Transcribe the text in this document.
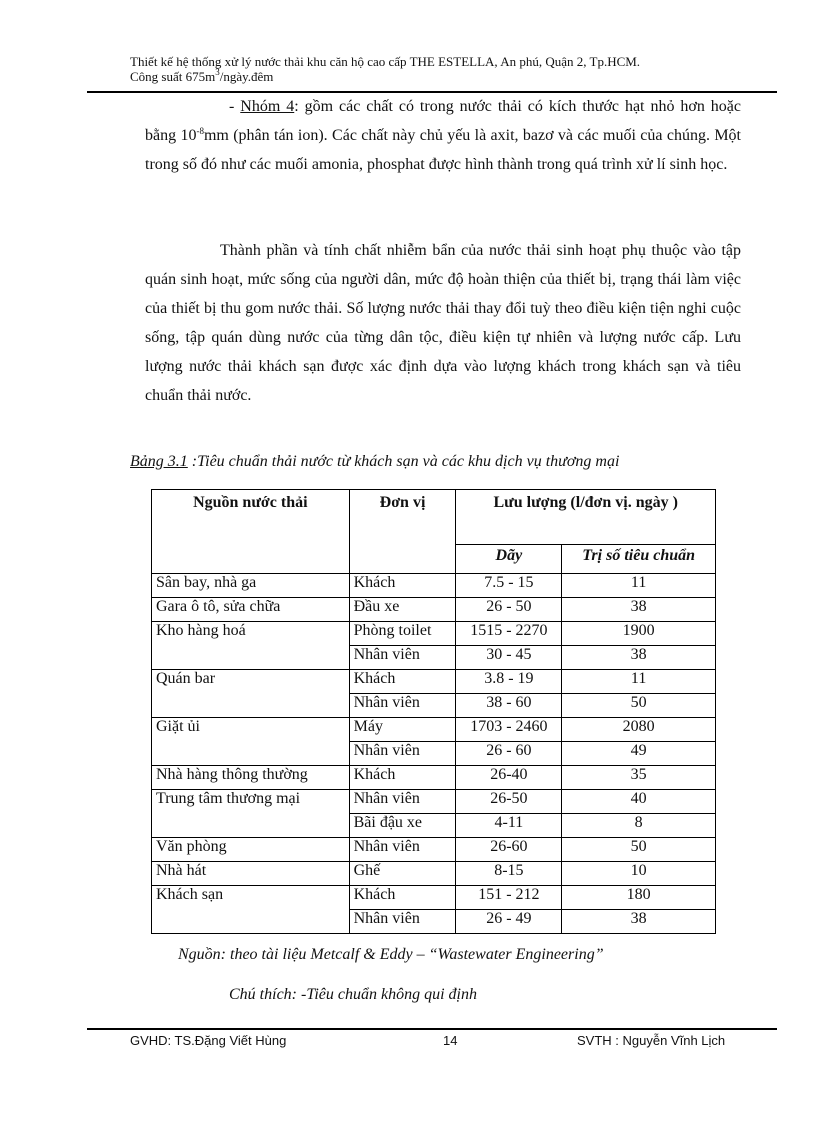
Thiết kế hệ thống xử lý nước thải khu căn hộ cao cấp THE ESTELLA, An phú, Quận 2, Tp.HCM.
Công suất $675m^3/ngày.đêm$
- Nhóm 4: gồm các chất có trong nước thải có kích thước hạt nhỏ hơn hoặc bằng $10^{-8}mm$ (phân tán ion). Các chất này chủ yếu là axit, bazơ và các muối của chúng. Một trong số đó như các muối amonia, phosphat được hình thành trong quá trình xử lí sinh học.
Thành phần và tính chất nhiễm bẩn của nước thải sinh hoạt phụ thuộc vào tập quán sinh hoạt, mức sống của người dân, mức độ hoàn thiện của thiết bị, trạng thái làm việc của thiết bị thu gom nước thải. Số lượng nước thải thay đổi tuỳ theo điều kiện tiện nghi cuộc sống, tập quán dùng nước của từng dân tộc, điều kiện tự nhiên và lượng nước cấp. Lưu lượng nước thải khách sạn được xác định dựa vào lượng khách trong khách sạn và tiêu chuẩn thải nước.
Bảng 3.1 :Tiêu chuẩn thải nước từ khách sạn và các khu dịch vụ thương mại
Nguồn nước thải	Đơn vị	Lưu lượng (l/đơn vị. ngày )	
		Dãy	Trị số tiêu chuẩn
Sân bay, nhà ga	Khách	7.5 - 15	11
Gara ô tô, sửa chữa	Đầu xe	26 - 50	38
Kho hàng hoá	Phòng toilet	1515 - 2270	1900
	Nhân viên	30 - 45	38
Quán bar	Khách	3.8 - 19	11
	Nhân viên	38 - 60	50
Giặt ủi	Máy	1703 - 2460	2080
	Nhân viên	26 - 60	49
Nhà hàng thông thường	Khách	26-40	35
Trung tâm thương mại	Nhân viên	26-50	40
	Bãi đậu xe	4-11	8
Văn phòng	Nhân viên	26-60	50
Nhà hát	Ghế	8-15	10
Khách sạn	Khách	151 - 212	180
	Nhân viên	26 - 49	38
Nguồn: theo tài liệu Metcalf & Eddy – “Wastewater Engineering”
Chú thích: -Tiêu chuẩn không qui định
GVHD: TS.Đặng Viết Hùng	14	SVTH : Nguyễn Vĩnh Lịch
